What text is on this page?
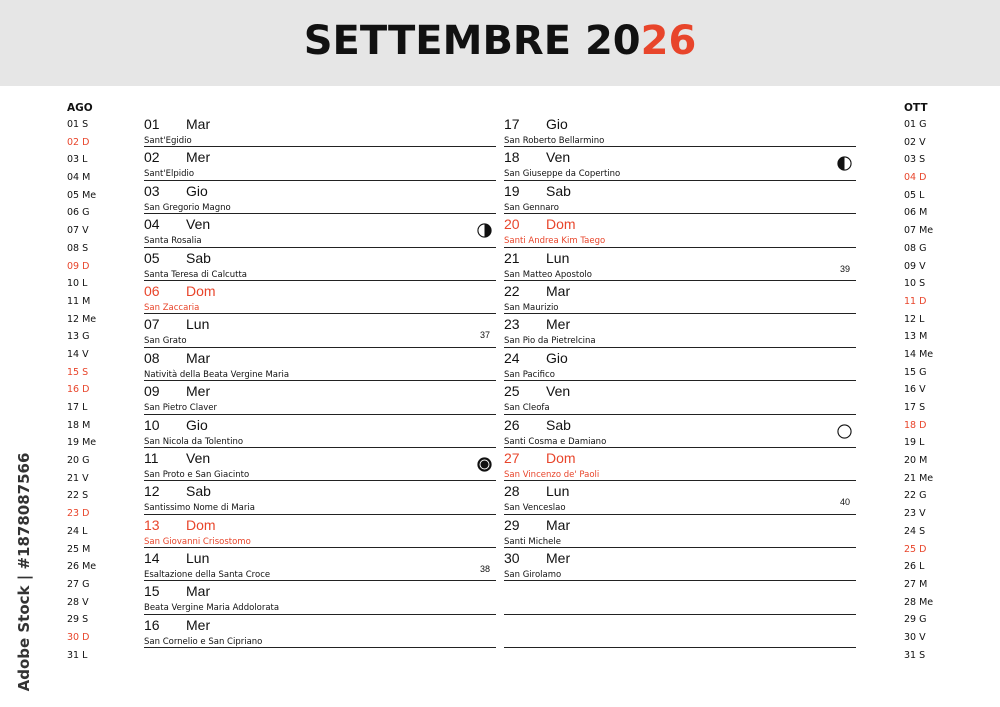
SETTEMBRE 2026
AGO
01 S
02 D
03 L
04 M
05 Me
06 G
07 V
08 S
09 D
10 L
11 M
12 Me
13 G
14 V
15 S
16 D
17 L
18 M
19 Me
20 G
21 V
22 S
23 D
24 L
25 M
26 Me
27 G
28 V
29 S
30 D
31 L
OTT
01 G
02 V
03 S
04 D
05 L
06 M
07 Me
08 G
09 V
10 S
11 D
12 L
13 M
14 Me
15 G
16 V
17 S
18 D
19 L
20 M
21 Me
22 G
23 V
24 S
25 D
26 L
27 M
28 Me
29 G
30 V
31 S
01 Mar
Sant'Egidio
02 Mer
Sant'Elpidio
03 Gio
San Gregorio Magno
04 Ven
Santa Rosalia
05 Sab
Santa Teresa di Calcutta
06 Dom
San Zaccaria
07 Lun
San Grato
37
08 Mar
Natività della Beata Vergine Maria
09 Mer
San Pietro Claver
10 Gio
San Nicola da Tolentino
11 Ven
San Proto e San Giacinto
12 Sab
Santissimo Nome di Maria
13 Dom
San Giovanni Crisostomo
14 Lun
Esaltazione della Santa Croce
38
15 Mar
Beata Vergine Maria Addolorata
16 Mer
San Cornelio e San Cipriano
17 Gio
San Roberto Bellarmino
18 Ven
San Giuseppe da Copertino
19 Sab
San Gennaro
20 Dom
Santi Andrea Kim Taego
21 Lun
San Matteo Apostolo
39
22 Mar
San Maurizio
23 Mer
San Pio da Pietrelcina
24 Gio
San Pacifico
25 Ven
San Cleofa
26 Sab
Santi Cosma e Damiano
27 Dom
San Vincenzo de' Paoli
28 Lun
San Venceslao
40
29 Mar
Santi Michele
30 Mer
San Girolamo
Adobe Stock | #1878087566
